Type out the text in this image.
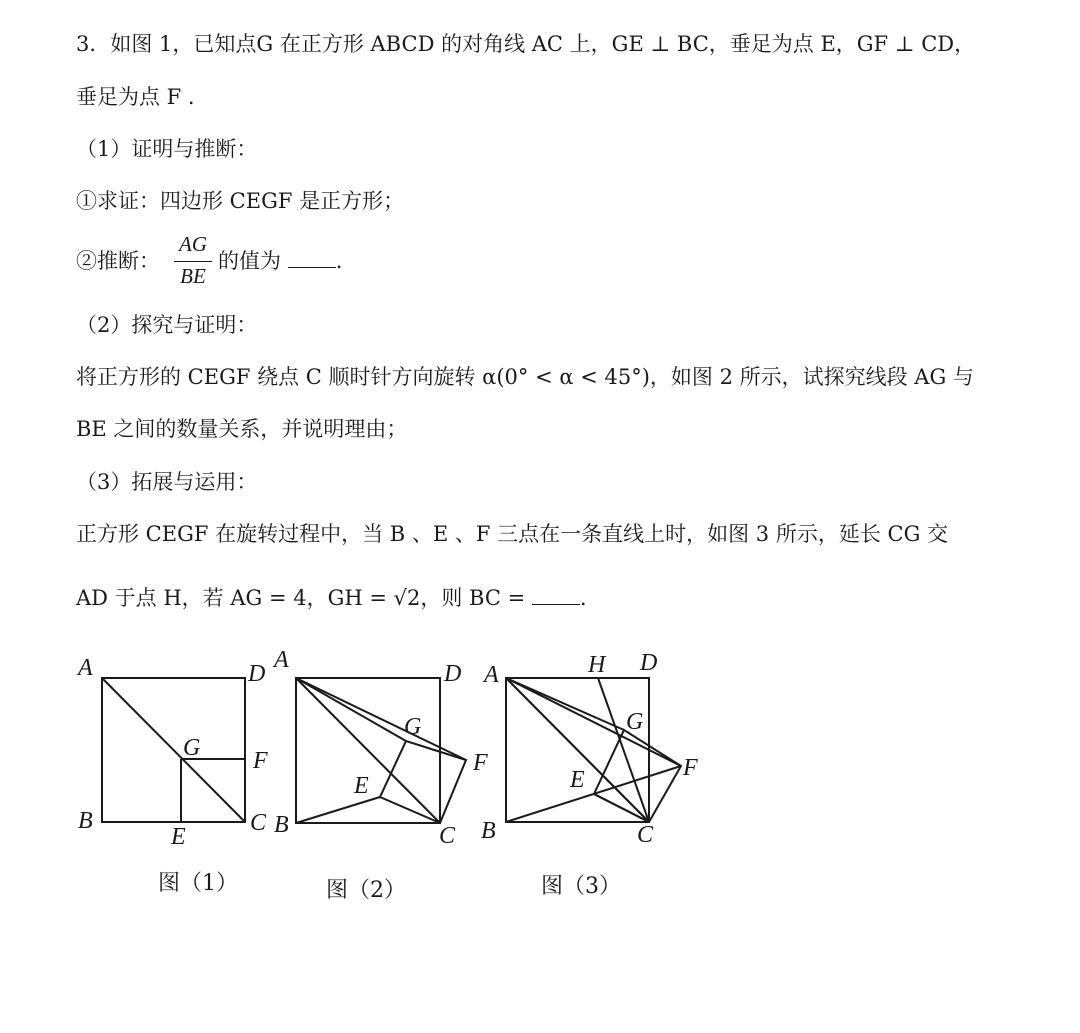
3．如图 1，已知点G 在正方形 ABCD 的对角线 AC 上，GE ⊥ BC，垂足为点 E，GF ⊥ CD，
垂足为点 F .
（1）证明与推断：
①求证：四边形 CEGF 是正方形；
②推断：
AG
BE
的值为	.
（2）探究与证明：
将正方形的 CEGF 绕点 C 顺时针方向旋转 α(0° < α < 45°)，如图 2 所示，试探究线段 AG 与
BE 之间的数量关系，并说明理由；
（3）拓展与运用：
正方形 CEGF 在旋转过程中，当 B 、E 、F 三点在一条直线上时，如图 3 所示，延长 CG 交
AD 于点 H，若 AG = 4，GH = √2，则 BC =	.
A	D
G F
B
E
C
A
D
G
F
E
B	C
A	H D
G
F
E
B	C
图（1）	图（2）	图（3）
